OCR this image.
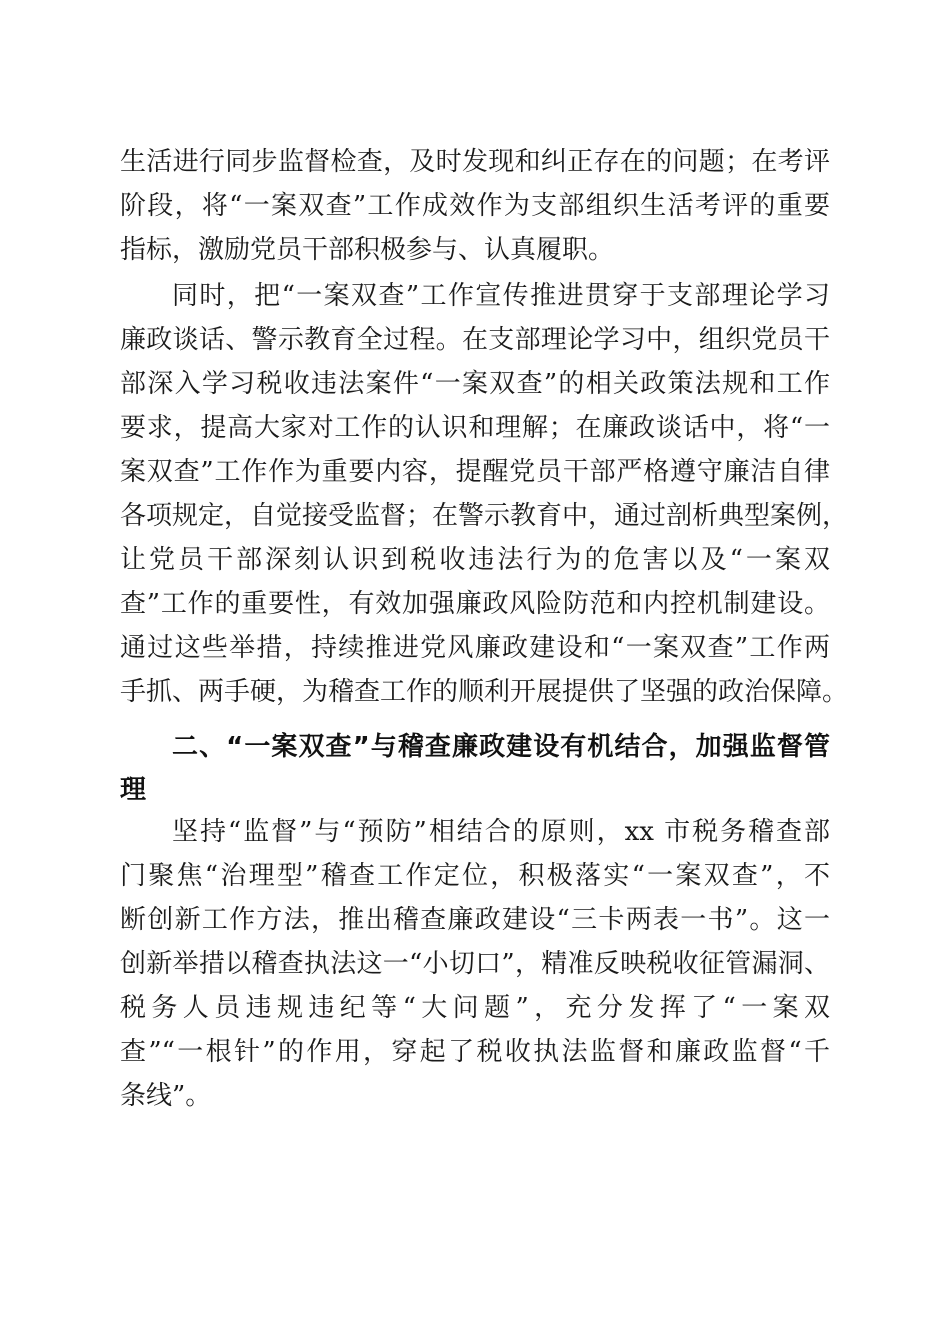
生活进行同步监督检查，及时发现和纠正存在的问题；在考评
阶段，将“一案双查”工作成效作为支部组织生活考评的重要
指标，激励党员干部积极参与、认真履职。
同时，把“一案双查”工作宣传推进贯穿于支部理论学习
廉政谈话、警示教育全过程。在支部理论学习中，组织党员干
部深入学习税收违法案件“一案双查”的相关政策法规和工作
要求，提高大家对工作的认识和理解；在廉政谈话中，将“一
案双查”工作作为重要内容，提醒党员干部严格遵守廉洁自律
各项规定，自觉接受监督；在警示教育中，通过剖析典型案例，
让党员干部深刻认识到税收违法行为的危害以及“一案双
查”工作的重要性，有效加强廉政风险防范和内控机制建设。
通过这些举措，持续推进党风廉政建设和“一案双查”工作两
手抓、两手硬，为稽查工作的顺利开展提供了坚强的政治保障。
二、“一案双查”与稽查廉政建设有机结合，加强监督管
理
坚持“监督”与“预防”相结合的原则，xx 市税务稽查部
门聚焦“治理型”稽查工作定位，积极落实“一案双查”，不
断创新工作方法，推出稽查廉政建设“三卡两表一书”。这一
创新举措以稽查执法这一“小切口”，精准反映税收征管漏洞、
税务人员违规违纪等“大问题”，充分发挥了“一案双
查”“一根针”的作用，穿起了税收执法监督和廉政监督“千
条线”。
